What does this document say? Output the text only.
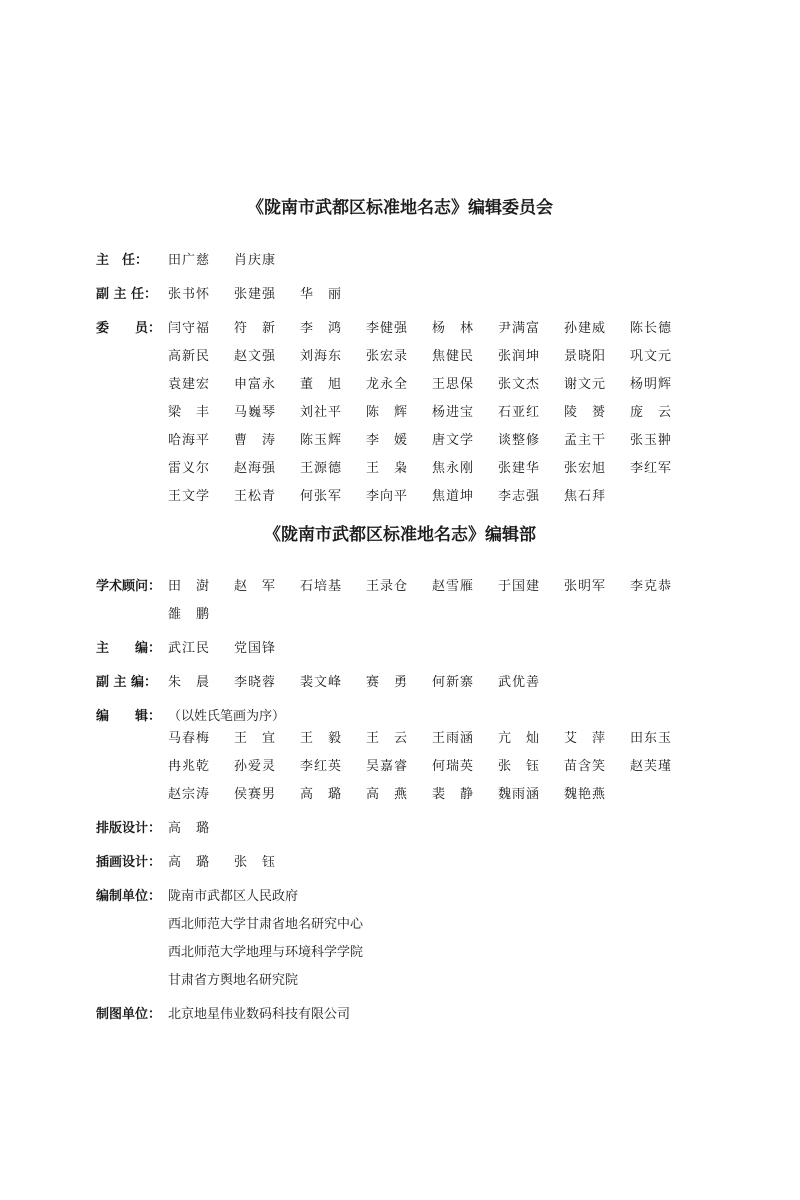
《陇南市武都区标准地名志》编辑委员会
主　任：	田广慈	肖庆康
副 主 任： 张书怀	张建强	华　丽
委　　员： 闫守福	符　新	李　鸿	李健强	杨　林	尹满富	孙建威	陈长德
高新民	赵文强	刘海东	张宏录	焦健民	张润坤	景晓阳	巩文元
袁建宏	申富永	董　旭	龙永全	王思保	张文杰	谢文元	杨明辉
梁　丰	马巍琴	刘社平	陈　辉	杨进宝	石亚红	陵　赟	庞　云
哈海平	曹　涛	陈玉辉	李　媛	唐文学	谈整修	孟主干	张玉翀
雷义尔	赵海强	王源德	王　枭	焦永刚	张建华	张宏旭	李红军
王文学	王松青	何张军	李向平	焦道坤	李志强	焦石拜
《陇南市武都区标准地名志》编辑部
学术顾问： 田　澍	赵　军	石培基	王录仓	赵雪雁	于国建	张明军	李克恭
雒　鹏
主　　编： 武江民	党国锋
副 主 编： 朱　晨	李晓蓉	裴文峰	赛　勇	何新寨	武优善
编　　辑： （以姓氏笔画为序）
马春梅	王　宜	王　毅	王　云	王雨涵	亢　灿	艾　萍	田东玉
冉兆乾	孙爱灵	李红英	吴嘉睿	何瑞英	张　钰	苗含笑	赵芙瑾
赵宗涛	侯赛男	高　璐	高　燕	裴　静	魏雨涵	魏艳燕
排版设计： 高　璐
插画设计： 高　璐	张　钰
编制单位： 陇南市武都区人民政府
西北师范大学甘肃省地名研究中心
西北师范大学地理与环境科学学院
甘肃省方舆地名研究院
制图单位： 北京地星伟业数码科技有限公司
